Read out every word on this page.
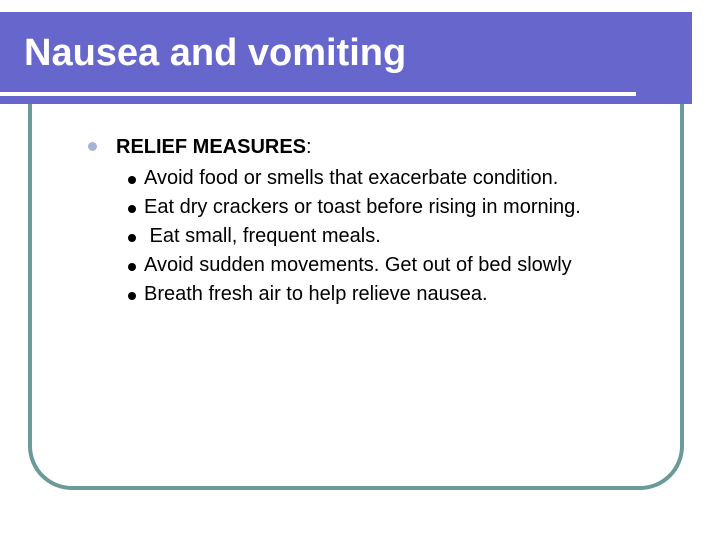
Nausea and vomiting
RELIEF MEASURES:
Avoid food or smells that exacerbate condition.
Eat dry crackers or toast before rising in morning.
Eat small, frequent meals.
Avoid sudden movements. Get out of bed slowly
Breath fresh air to help relieve nausea.
